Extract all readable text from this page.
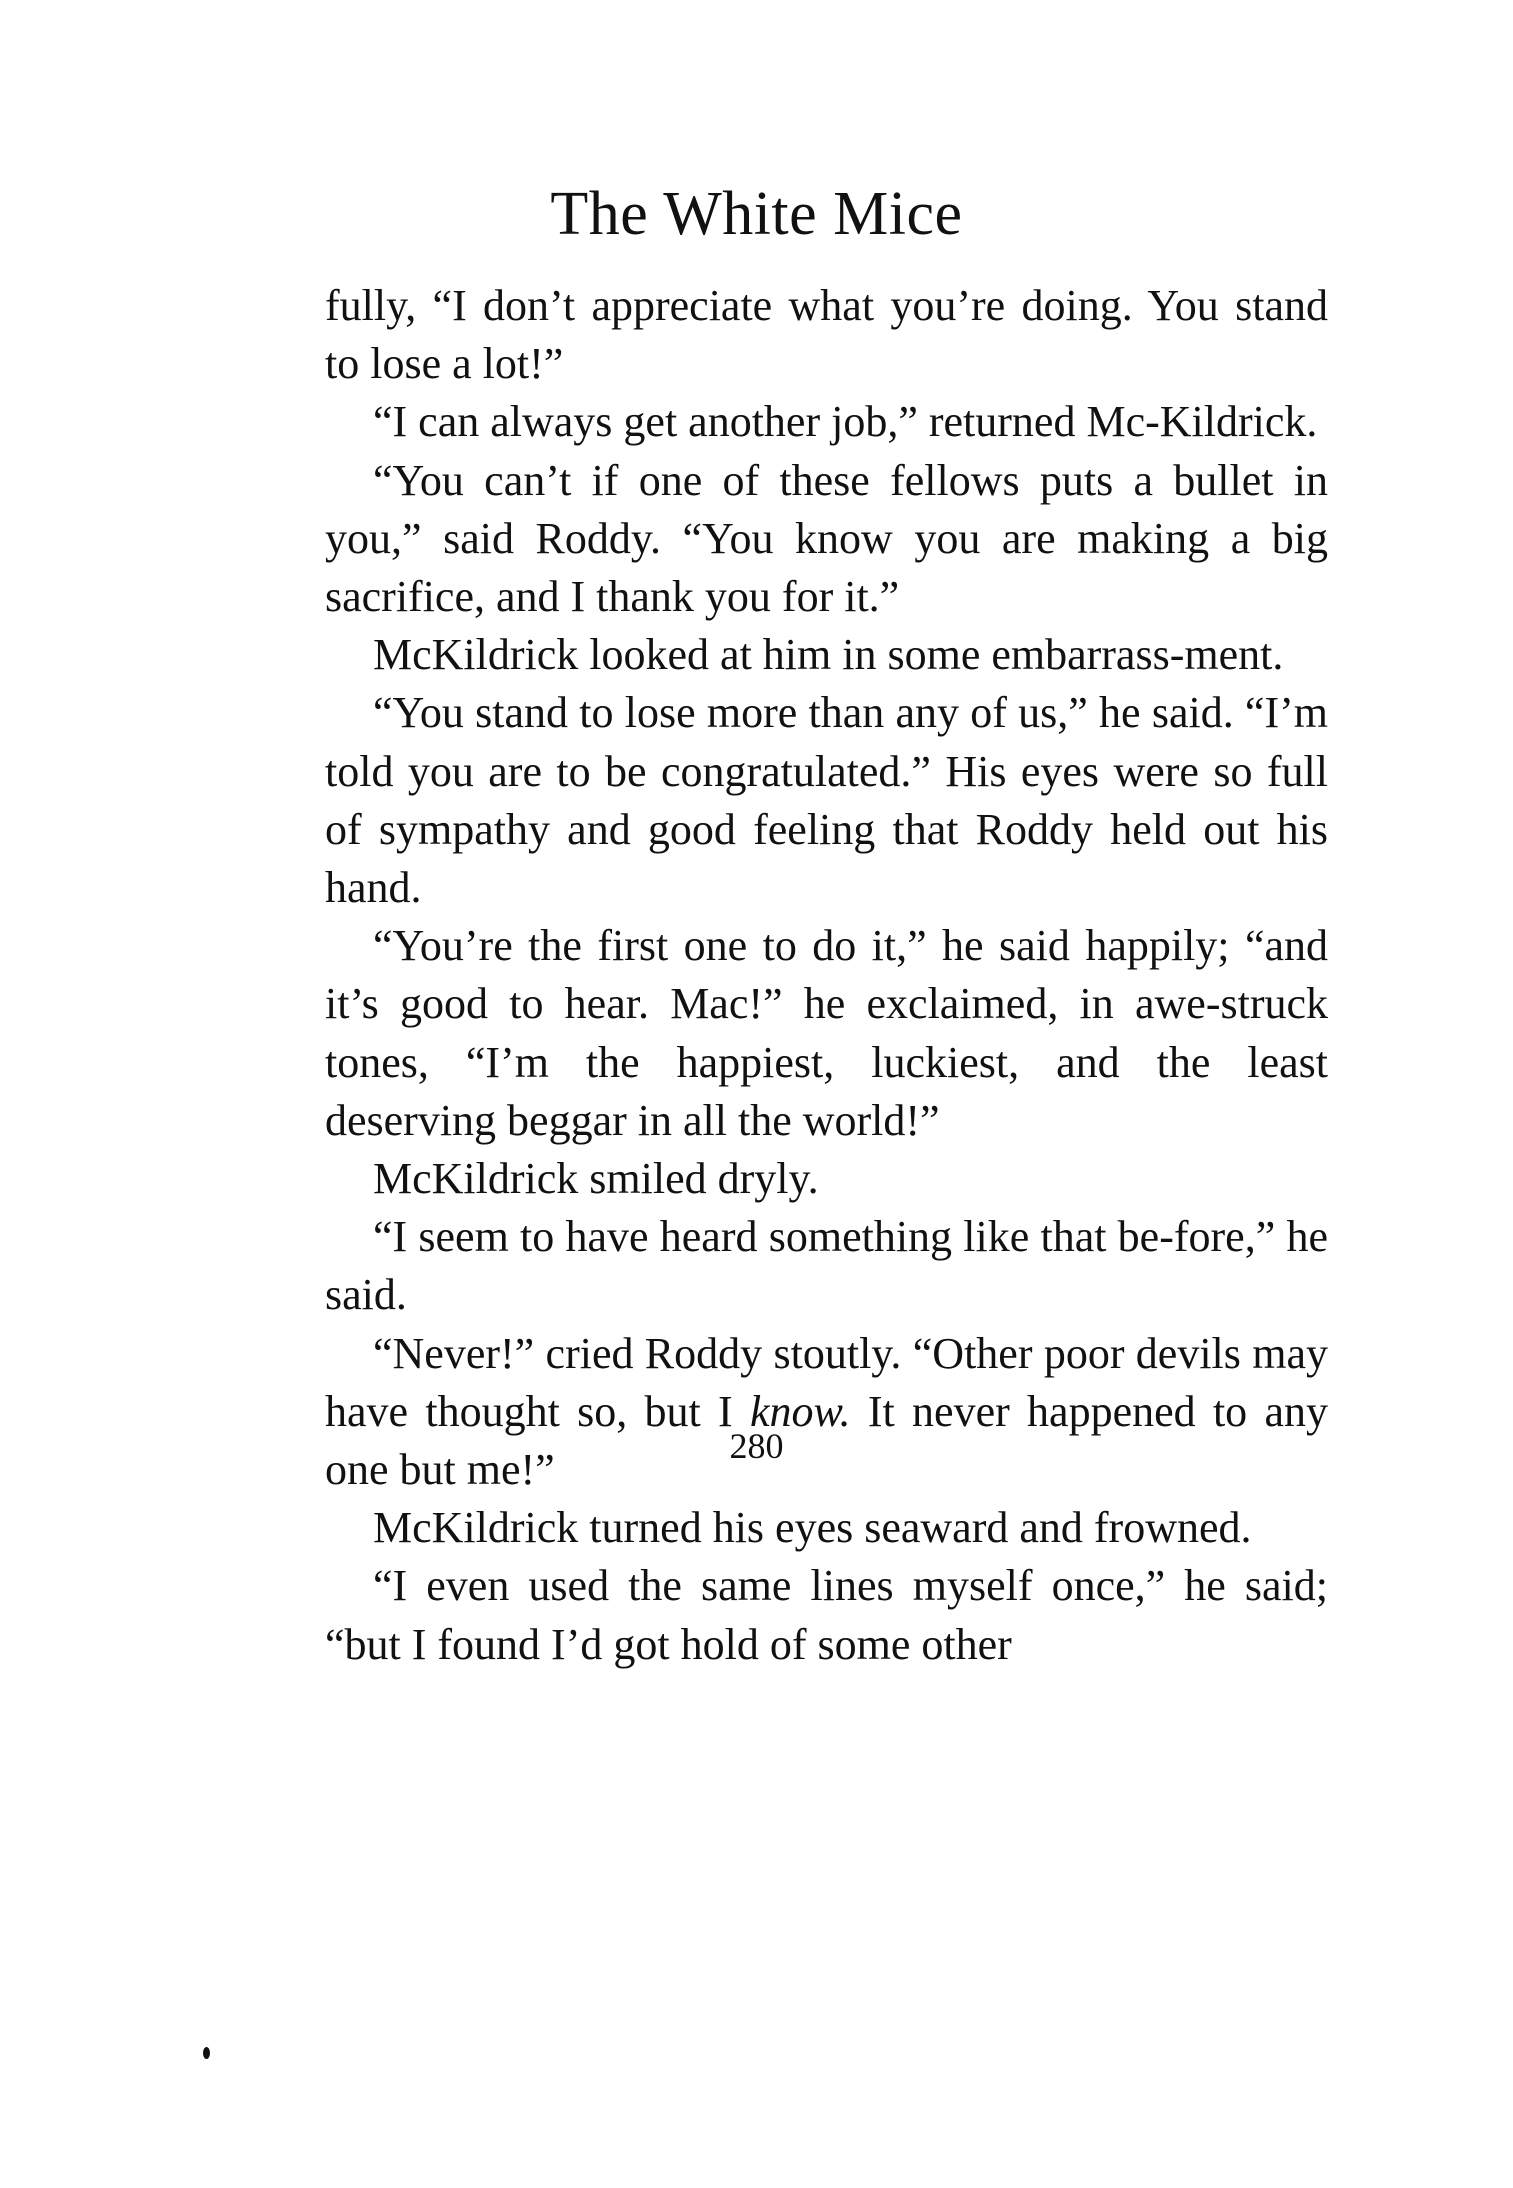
The White Mice

fully, “I don’t appreciate what you’re doing. You stand to lose a lot!”

“I can always get another job,” returned Mc-Kildrick.

“You can’t if one of these fellows puts a bullet in you,” said Roddy. “You know you are making a big sacrifice, and I thank you for it.”

McKildrick looked at him in some embarrass-ment.

“You stand to lose more than any of us,” he said. “I’m told you are to be congratulated.” His eyes were so full of sympathy and good feeling that Roddy held out his hand.

“You’re the first one to do it,” he said happily; “and it’s good to hear. Mac!” he exclaimed, in awe-struck tones, “I’m the happiest, luckiest, and the least deserving beggar in all the world!”

McKildrick smiled dryly.

“I seem to have heard something like that be-fore,” he said.

“Never!” cried Roddy stoutly. “Other poor devils may have thought so, but I know. It never happened to any one but me!”

McKildrick turned his eyes seaward and frowned.

“I even used the same lines myself once,” he said; “but I found I’d got hold of some other

280
